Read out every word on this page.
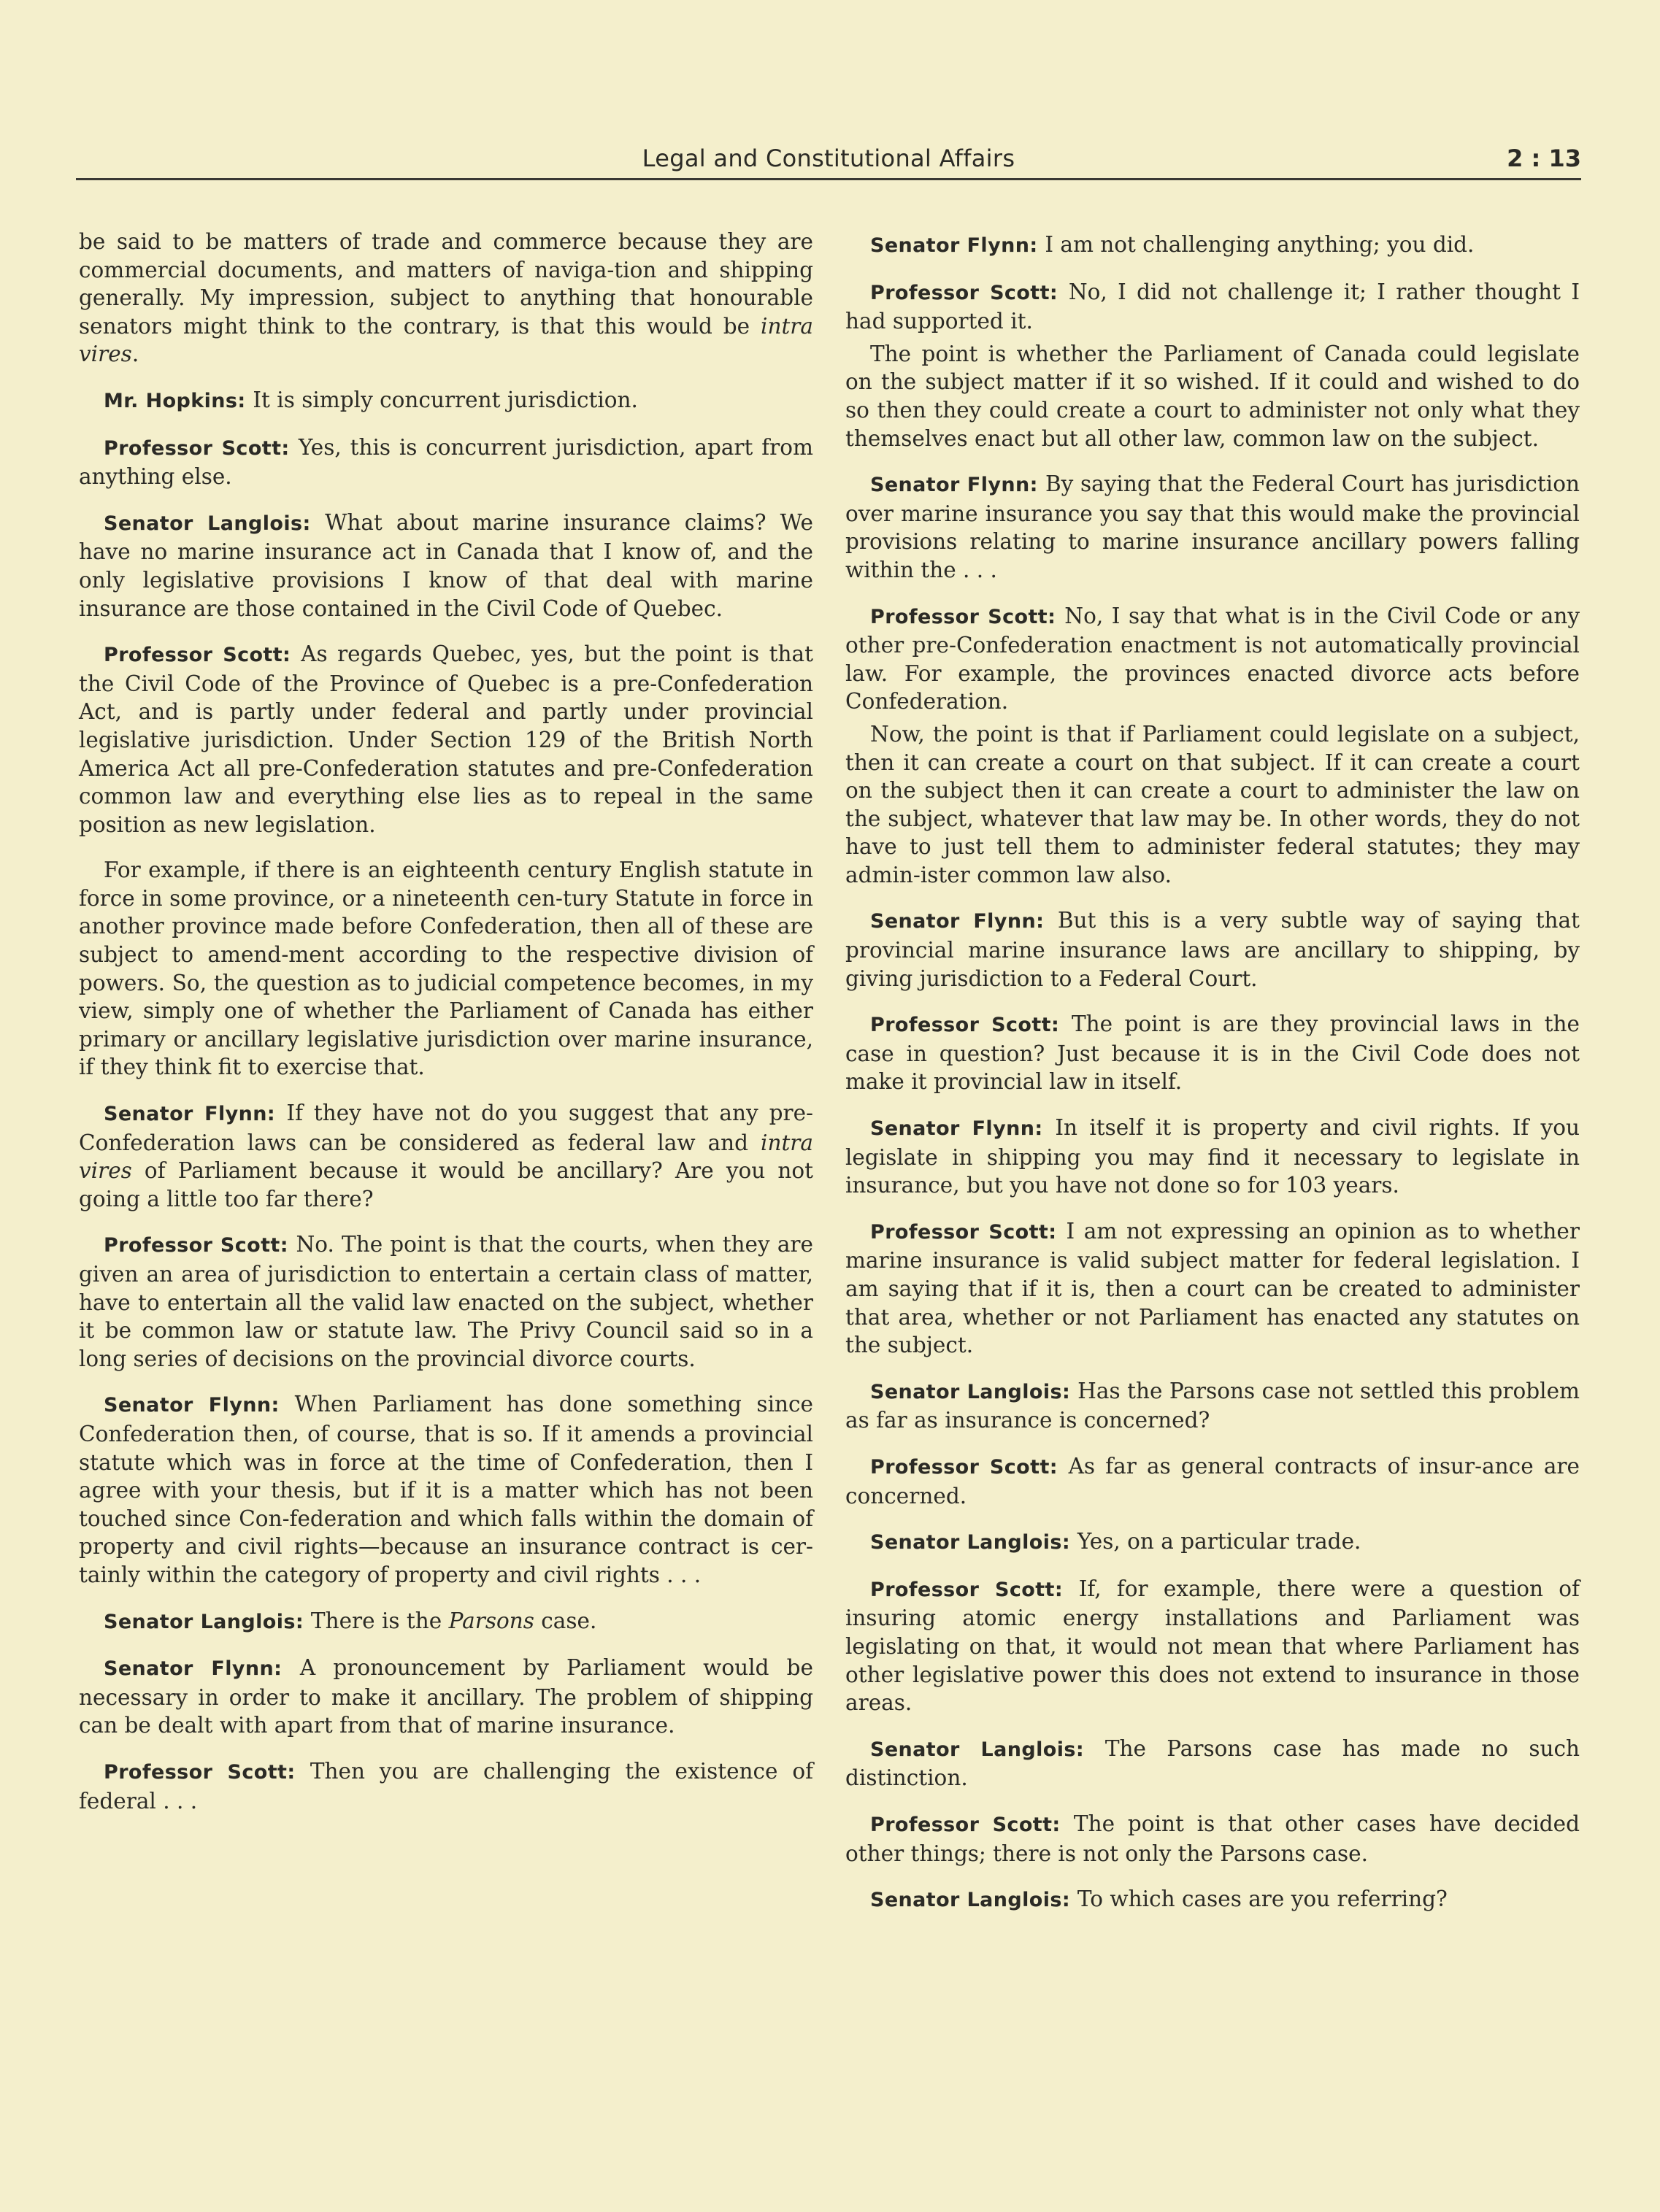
Legal and Constitutional Affairs	2 : 13

be said to be matters of trade and commerce because they are commercial documents, and matters of naviga-tion and shipping generally. My impression, subject to anything that honourable senators might think to the contrary, is that this would be intra vires.

Mr. Hopkins: It is simply concurrent jurisdiction.

Professor Scott: Yes, this is concurrent jurisdiction, apart from anything else.

Senator Langlois: What about marine insurance claims? We have no marine insurance act in Canada that I know of, and the only legislative provisions I know of that deal with marine insurance are those contained in the Civil Code of Quebec.

Professor Scott: As regards Quebec, yes, but the point is that the Civil Code of the Province of Quebec is a pre-Confederation Act, and is partly under federal and partly under provincial legislative jurisdiction. Under Section 129 of the British North America Act all pre-Confederation statutes and pre-Confederation common law and everything else lies as to repeal in the same position as new legislation.

For example, if there is an eighteenth century English statute in force in some province, or a nineteenth cen-tury Statute in force in another province made before Confederation, then all of these are subject to amend-ment according to the respective division of powers. So, the question as to judicial competence becomes, in my view, simply one of whether the Parliament of Canada has either primary or ancillary legislative jurisdiction over marine insurance, if they think fit to exercise that.

Senator Flynn: If they have not do you suggest that any pre-Confederation laws can be considered as federal law and intra vires of Parliament because it would be ancillary? Are you not going a little too far there?

Professor Scott: No. The point is that the courts, when they are given an area of jurisdiction to entertain a certain class of matter, have to entertain all the valid law enacted on the subject, whether it be common law or statute law. The Privy Council said so in a long series of decisions on the provincial divorce courts.

Senator Flynn: When Parliament has done something since Confederation then, of course, that is so. If it amends a provincial statute which was in force at the time of Confederation, then I agree with your thesis, but if it is a matter which has not been touched since Con-federation and which falls within the domain of property and civil rights—because an insurance contract is cer-tainly within the category of property and civil rights . . .

Senator Langlois: There is the Parsons case.

Senator Flynn: A pronouncement by Parliament would be necessary in order to make it ancillary. The problem of shipping can be dealt with apart from that of marine insurance.

Professor Scott: Then you are challenging the existence of federal . . .

Senator Flynn: I am not challenging anything; you did.

Professor Scott: No, I did not challenge it; I rather thought I had supported it.

The point is whether the Parliament of Canada could legislate on the subject matter if it so wished. If it could and wished to do so then they could create a court to administer not only what they themselves enact but all other law, common law on the subject.

Senator Flynn: By saying that the Federal Court has jurisdiction over marine insurance you say that this would make the provincial provisions relating to marine insurance ancillary powers falling within the . . .

Professor Scott: No, I say that what is in the Civil Code or any other pre-Confederation enactment is not automatically provincial law. For example, the provinces enacted divorce acts before Confederation.

Now, the point is that if Parliament could legislate on a subject, then it can create a court on that subject. If it can create a court on the subject then it can create a court to administer the law on the subject, whatever that law may be. In other words, they do not have to just tell them to administer federal statutes; they may admin-ister common law also.

Senator Flynn: But this is a very subtle way of saying that provincial marine insurance laws are ancillary to shipping, by giving jurisdiction to a Federal Court.

Professor Scott: The point is are they provincial laws in the case in question? Just because it is in the Civil Code does not make it provincial law in itself.

Senator Flynn: In itself it is property and civil rights. If you legislate in shipping you may find it necessary to legislate in insurance, but you have not done so for 103 years.

Professor Scott: I am not expressing an opinion as to whether marine insurance is valid subject matter for federal legislation. I am saying that if it is, then a court can be created to administer that area, whether or not Parliament has enacted any statutes on the subject.

Senator Langlois: Has the Parsons case not settled this problem as far as insurance is concerned?

Professor Scott: As far as general contracts of insur-ance are concerned.

Senator Langlois: Yes, on a particular trade.

Professor Scott: If, for example, there were a question of insuring atomic energy installations and Parliament was legislating on that, it would not mean that where Parliament has other legislative power this does not extend to insurance in those areas.

Senator Langlois: The Parsons case has made no such distinction.

Professor Scott: The point is that other cases have decided other things; there is not only the Parsons case.

Senator Langlois: To which cases are you referring?
